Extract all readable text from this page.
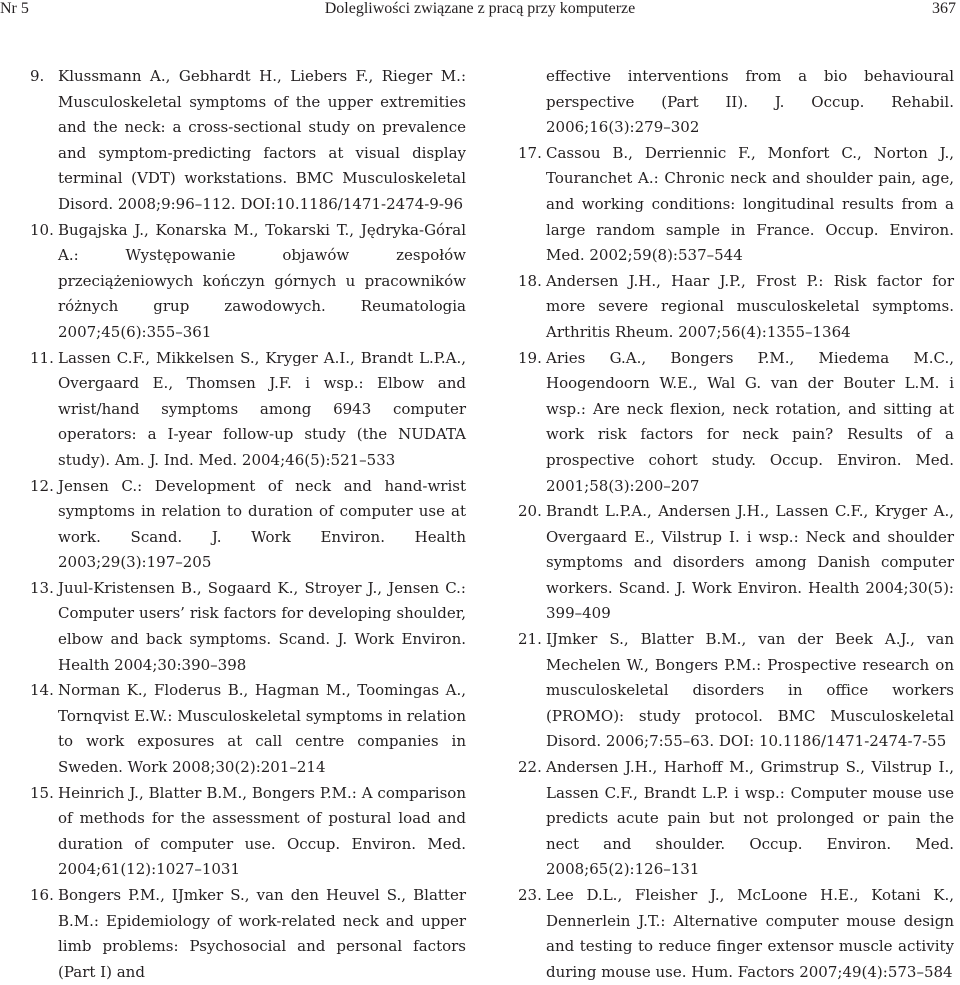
Nr 5	Dolegliwości związane z pracą przy komputerze	367

9. Klussmann A., Gebhardt H., Liebers F., Rieger M.: Musculoskeletal symptoms of the upper extremities and the neck: a cross-sectional study on prevalence and symptom-predicting factors at visual display terminal (VDT) workstations. BMC Musculoskeletal Disord. 2008;9:96–112. DOI:10.1186/1471-2474-9-96

10. Bugajska J., Konarska M., Tokarski T., Jędryka-Góral A.: Występowanie objawów zespołów przeciążeniowych kończyn górnych u pracowników różnych grup zawodowych. Reumatologia 2007;45(6):355–361

11. Lassen C.F., Mikkelsen S., Kryger A.I., Brandt L.P.A., Overgaard E., Thomsen J.F. i wsp.: Elbow and wrist/hand symptoms among 6943 computer operators: a I-year follow-up study (the NUDATA study). Am. J. Ind. Med. 2004;46(5):521–533

12. Jensen C.: Development of neck and hand-wrist symptoms in relation to duration of computer use at work. Scand. J. Work Environ. Health 2003;29(3):197–205

13. Juul-Kristensen B., Sogaard K., Stroyer J., Jensen C.: Computer users’ risk factors for developing shoulder, elbow and back symptoms. Scand. J. Work Environ. Health 2004;30:390–398

14. Norman K., Floderus B., Hagman M., Toomingas A., Tornqvist E.W.: Musculoskeletal symptoms in relation to work exposures at call centre companies in Sweden. Work 2008;30(2):201–214

15. Heinrich J., Blatter B.M., Bongers P.M.: A comparison of methods for the assessment of postural load and duration of computer use. Occup. Environ. Med. 2004;61(12):1027–1031

16. Bongers P.M., IJmker S., van den Heuvel S., Blatter B.M.: Epidemiology of work-related neck and upper limb problems: Psychosocial and personal factors (Part I) and

effective interventions from a bio behavioural perspective (Part II). J. Occup. Rehabil. 2006;16(3):279–302

17. Cassou B., Derriennic F., Monfort C., Norton J., Touranchet A.: Chronic neck and shoulder pain, age, and working conditions: longitudinal results from a large random sample in France. Occup. Environ. Med. 2002;59(8):537–544

18. Andersen J.H., Haar J.P., Frost P.: Risk factor for more severe regional musculoskeletal symptoms. Arthritis Rheum. 2007;56(4):1355–1364

19. Aries G.A., Bongers P.M., Miedema M.C., Hoogendoorn W.E., Wal G. van der Bouter L.M. i wsp.: Are neck flexion, neck rotation, and sitting at work risk factors for neck pain? Results of a prospective cohort study. Occup. Environ. Med. 2001;58(3):200–207

20. Brandt L.P.A., Andersen J.H., Lassen C.F., Kryger A., Overgaard E., Vilstrup I. i wsp.: Neck and shoulder symptoms and disorders among Danish computer workers. Scand. J. Work Environ. Health 2004;30(5): 399–409

21. IJmker S., Blatter B.M., van der Beek A.J., van Mechelen W., Bongers P.M.: Prospective research on musculoskeletal disorders in office workers (PROMO): study protocol. BMC Musculoskeletal Disord. 2006;7:55–63. DOI: 10.1186/1471-2474-7-55

22. Andersen J.H., Harhoff M., Grimstrup S., Vilstrup I., Lassen C.F., Brandt L.P. i wsp.: Computer mouse use predicts acute pain but not prolonged or pain the nect and shoulder. Occup. Environ. Med. 2008;65(2):126–131

23. Lee D.L., Fleisher J., McLoone H.E., Kotani K., Dennerlein J.T.: Alternative computer mouse design and testing to reduce finger extensor muscle activity during mouse use. Hum. Factors 2007;49(4):573–584
